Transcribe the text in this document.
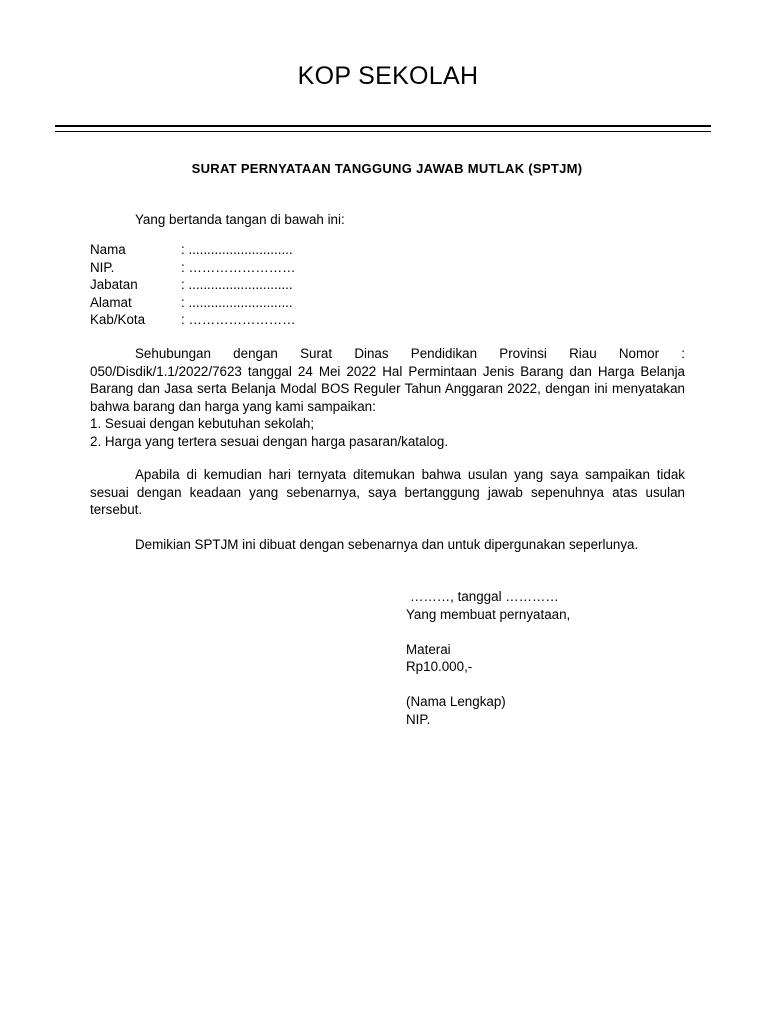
KOP SEKOLAH
SURAT PERNYATAAN TANGGUNG JAWAB MUTLAK (SPTJM)
Yang bertanda tangan di bawah ini:
Nama	: ............................
NIP.	: ……………………
Jabatan	: ............................
Alamat	: ............................
Kab/Kota	: ……………………
Sehubungan dengan Surat Dinas Pendidikan Provinsi Riau Nomor : 050/Disdik/1.1/2022/7623 tanggal 24 Mei 2022 Hal Permintaan Jenis Barang dan Harga Belanja Barang dan Jasa serta Belanja Modal BOS Reguler Tahun Anggaran 2022, dengan ini menyatakan bahwa barang dan harga yang kami sampaikan:
1. Sesuai dengan kebutuhan sekolah;
2. Harga yang tertera sesuai dengan harga pasaran/katalog.
Apabila di kemudian hari ternyata ditemukan bahwa usulan yang saya sampaikan tidak sesuai dengan keadaan yang sebenarnya, saya bertanggung jawab sepenuhnya atas usulan tersebut.
Demikian SPTJM ini dibuat dengan sebenarnya dan untuk dipergunakan seperlunya.
………, tanggal …………
Yang membuat pernyataan,
Materai
Rp10.000,-
(Nama Lengkap)
NIP.
